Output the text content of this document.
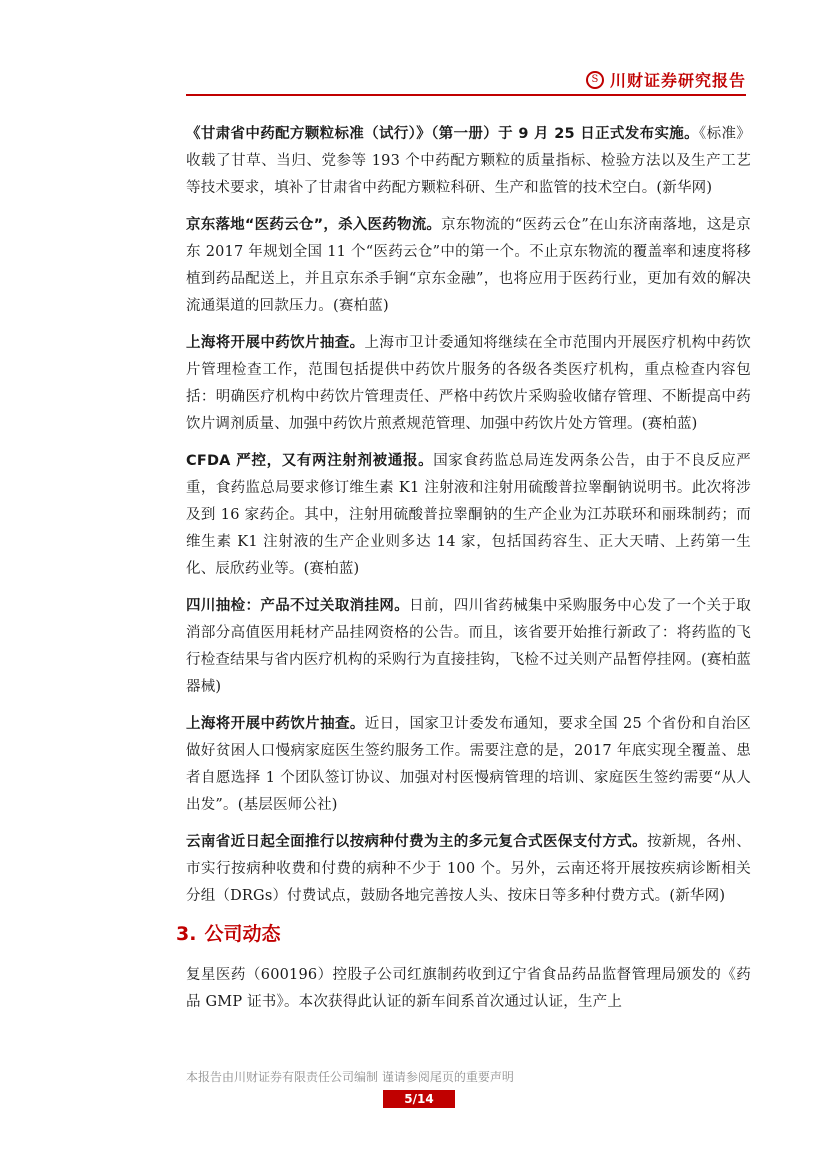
S 川财证券研究报告

《甘肃省中药配方颗粒标准（试行）》（第一册）于 9 月 25 日正式发布实施。《标准》收载了甘草、当归、党参等 193 个中药配方颗粒的质量指标、检验方法以及生产工艺等技术要求，填补了甘肃省中药配方颗粒科研、生产和监管的技术空白。(新华网)

京东落地“医药云仓”，杀入医药物流。京东物流的“医药云仓”在山东济南落地，这是京东 2017 年规划全国 11 个“医药云仓”中的第一个。不止京东物流的覆盖率和速度将移植到药品配送上，并且京东杀手锏“京东金融”，也将应用于医药行业，更加有效的解决流通渠道的回款压力。(赛柏蓝)

上海将开展中药饮片抽查。上海市卫计委通知将继续在全市范围内开展医疗机构中药饮片管理检查工作，范围包括提供中药饮片服务的各级各类医疗机构，重点检查内容包括：明确医疗机构中药饮片管理责任、严格中药饮片采购验收储存管理、不断提高中药饮片调剂质量、加强中药饮片煎煮规范管理、加强中药饮片处方管理。(赛柏蓝)

CFDA 严控，又有两注射剂被通报。国家食药监总局连发两条公告，由于不良反应严重，食药监总局要求修订维生素 K1 注射液和注射用硫酸普拉睾酮钠说明书。此次将涉及到 16 家药企。其中，注射用硫酸普拉睾酮钠的生产企业为江苏联环和丽珠制药；而维生素 K1 注射液的生产企业则多达 14 家，包括国药容生、正大天晴、上药第一生化、辰欣药业等。(赛柏蓝)

四川抽检：产品不过关取消挂网。日前，四川省药械集中采购服务中心发了一个关于取消部分高值医用耗材产品挂网资格的公告。而且，该省要开始推行新政了：将药监的飞行检查结果与省内医疗机构的采购行为直接挂钩，飞检不过关则产品暂停挂网。(赛柏蓝器械)

上海将开展中药饮片抽查。近日，国家卫计委发布通知，要求全国 25 个省份和自治区做好贫困人口慢病家庭医生签约服务工作。需要注意的是，2017 年底实现全覆盖、患者自愿选择 1 个团队签订协议、加强对村医慢病管理的培训、家庭医生签约需要“从人出发”。(基层医师公社)

云南省近日起全面推行以按病种付费为主的多元复合式医保支付方式。按新规，各州、市实行按病种收费和付费的病种不少于 100 个。另外，云南还将开展按疾病诊断相关分组（DRGs）付费试点，鼓励各地完善按人头、按床日等多种付费方式。(新华网)

3. 公司动态

复星医药（600196）控股子公司红旗制药收到辽宁省食品药品监督管理局颁发的《药品 GMP 证书》。本次获得此认证的新车间系首次通过认证，生产上

本报告由川财证券有限责任公司编制 谨请参阅尾页的重要声明
5/14
